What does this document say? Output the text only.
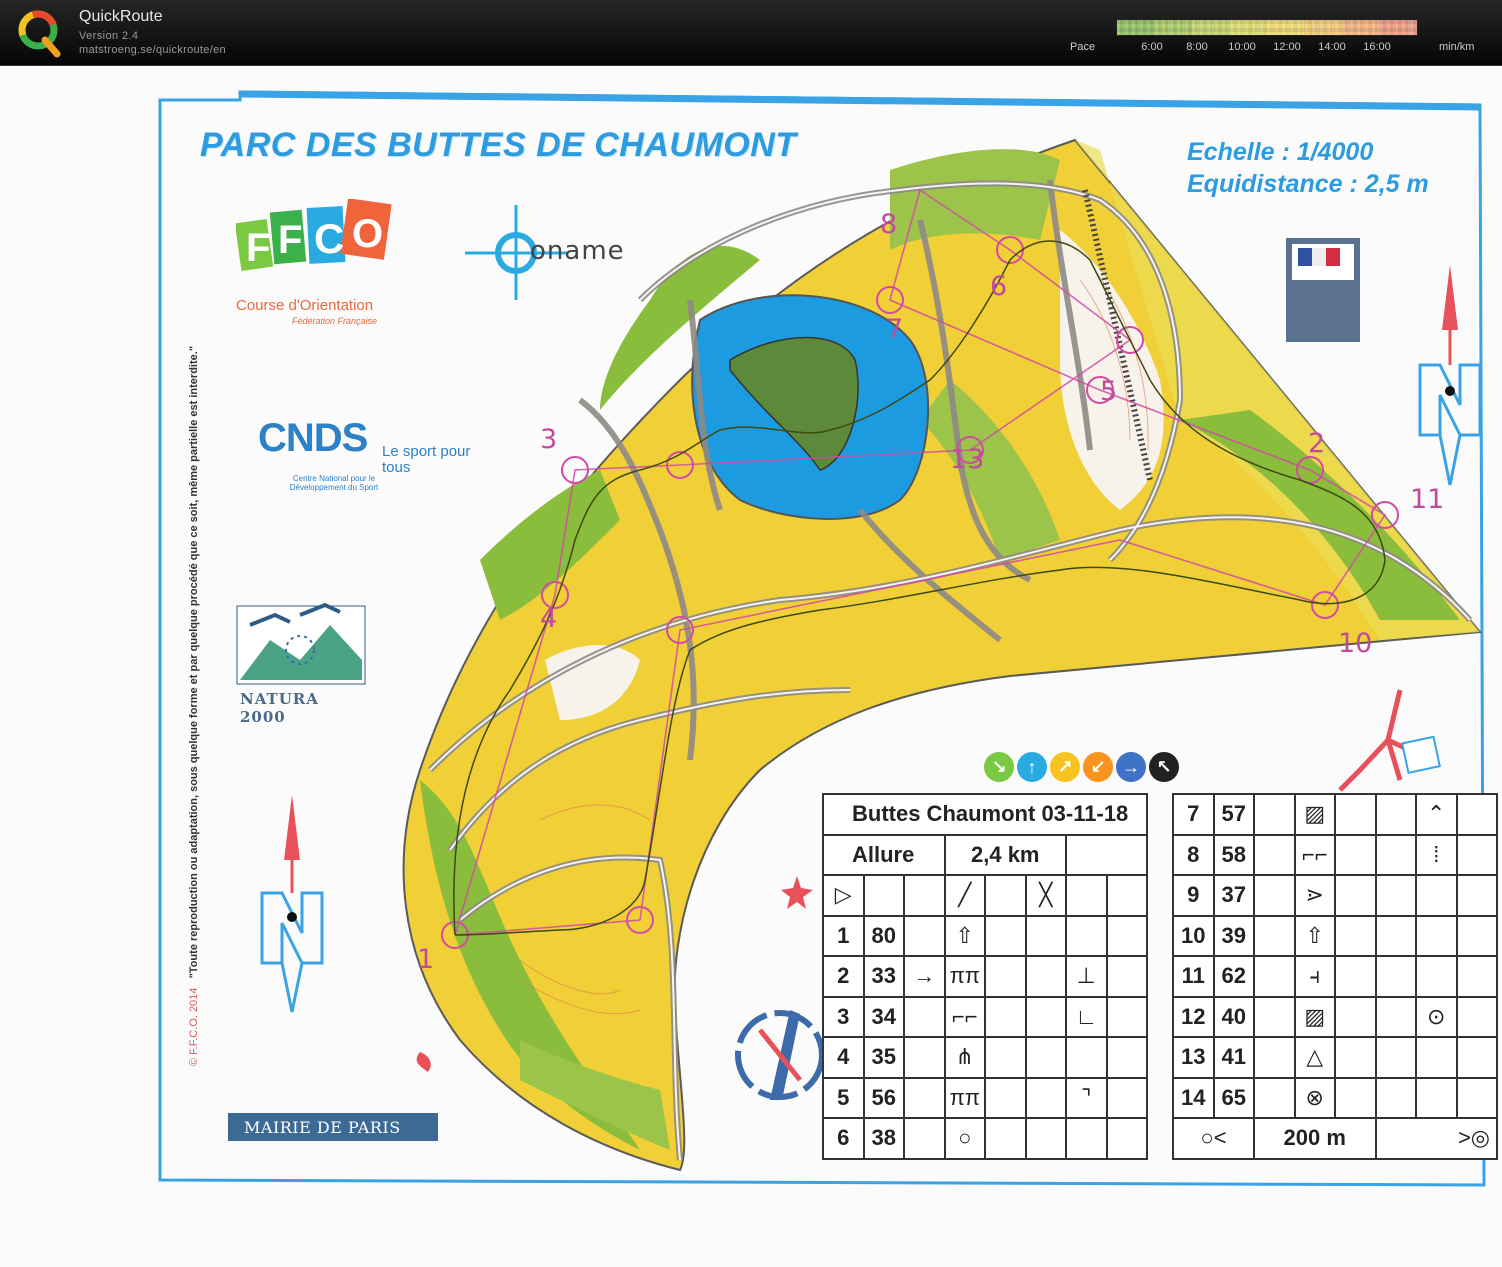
QuickRoute
Version 2.4
matstroeng.se/quickroute/en	Pace	6:00 8:00 10:00 12:00 14:00 16:00	min/km
PARC DES BUTTES DE CHAUMONT	Echelle : 1/4000
Equidistance : 2,5 m
F F C O
Course d'Orientation
Fédération Française
oname
CNDS Le sport pour tous
Centre National pour le Développement du Sport
NATURA 2000
MAIRIE DE PARIS
© F.F.C.O. 2014   "Toute reproduction ou adaptation, sous quelque forme et par quelque procédé que ce soit, même partielle est interdite."	1
2
3
4
5
6
7
8
10
11
13
↘	↑	↗ ↙ → ↖
Buttes Chaumont 03-11-18							
Allure			2,4 km				
▷			╱		╳		
1	80		⇧				
2	33	→	ππ			⊥	
3	34		⌐⌐			∟	
4	35		⋔				
5	56		ππ			⌝	
6	38		○				
7	57		▨			⌃	
8	58		⌐⌐			⁞	
9	37		⋗				
10	39		⇧				
11	62		⫞				
12	40		▨			⊙	
13	41		△				
14	65		⊗				
○<		200 m			>◎		
